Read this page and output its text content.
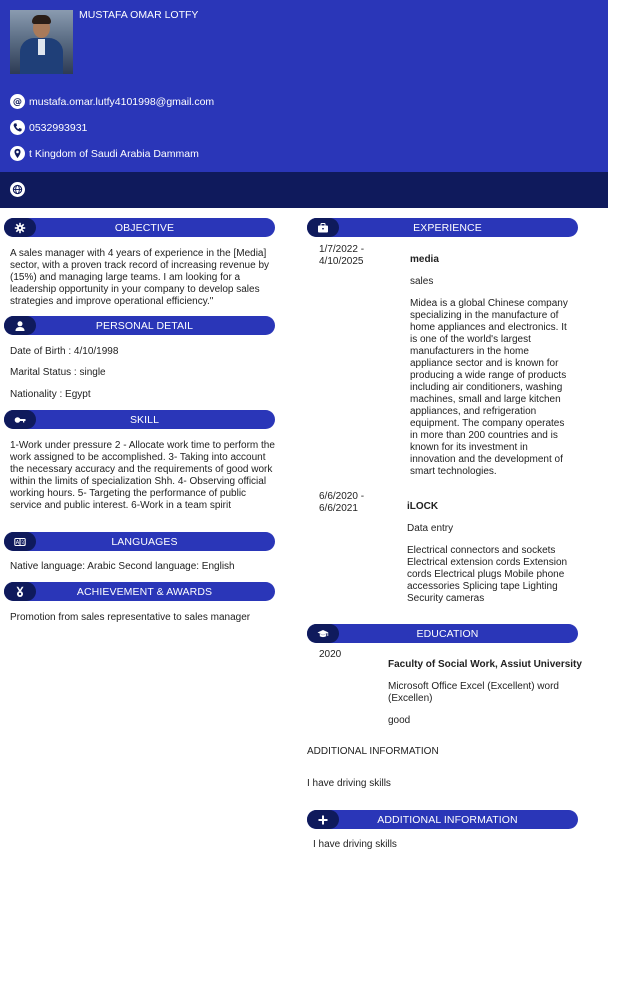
MUSTAFA OMAR LOTFY
@ mustafa.omar.lutfy4101998@gmail.com
0532993931
t Kingdom of Saudi Arabia Dammam
OBJECTIVE
A sales manager with 4 years of experience in the [Media] sector, with a proven track record of increasing revenue by (15%) and managing large teams. I am looking for a leadership opportunity in your company to develop sales strategies and improve operational efficiency."
PERSONAL DETAIL
Date of Birth : 4/10/1998
Marital Status : single
Nationality : Egypt
SKILL
1-Work under pressure 2 - Allocate work time to perform the work assigned to be accomplished. 3- Taking into account the necessary accuracy and the requirements of good work within the limits of specialization Shh. 4- Observing official working hours. 5- Targeting the performance of public service and public interest. 6-Work in a team spirit
A 文	LANGUAGES
Native language: Arabic Second language: English
ACHIEVEMENT & AWARDS
Promotion from sales representative to sales manager
EXPERIENCE
1/7/2022 - 4/10/2025	media
sales
Midea is a global Chinese company specializing in the manufacture of home appliances and electronics. It is one of the world's largest manufacturers in the home appliance sector and is known for producing a wide range of products including air conditioners, washing machines, small and large kitchen appliances, and refrigeration equipment. The company operates in more than 200 countries and is known for its investment in innovation and the development of smart technologies.
6/6/2020 - 6/6/2021	iLOCK
Data entry
Electrical connectors and sockets Electrical extension cords Extension cords Electrical plugs Mobile phone accessories Splicing tape Lighting Security cameras
EDUCATION
2020
Faculty of Social Work, Assiut University
Microsoft Office Excel (Excellent) word (Excellen)
good
ADDITIONAL INFORMATION
I have driving skills
ADDITIONAL INFORMATION
I have driving skills
